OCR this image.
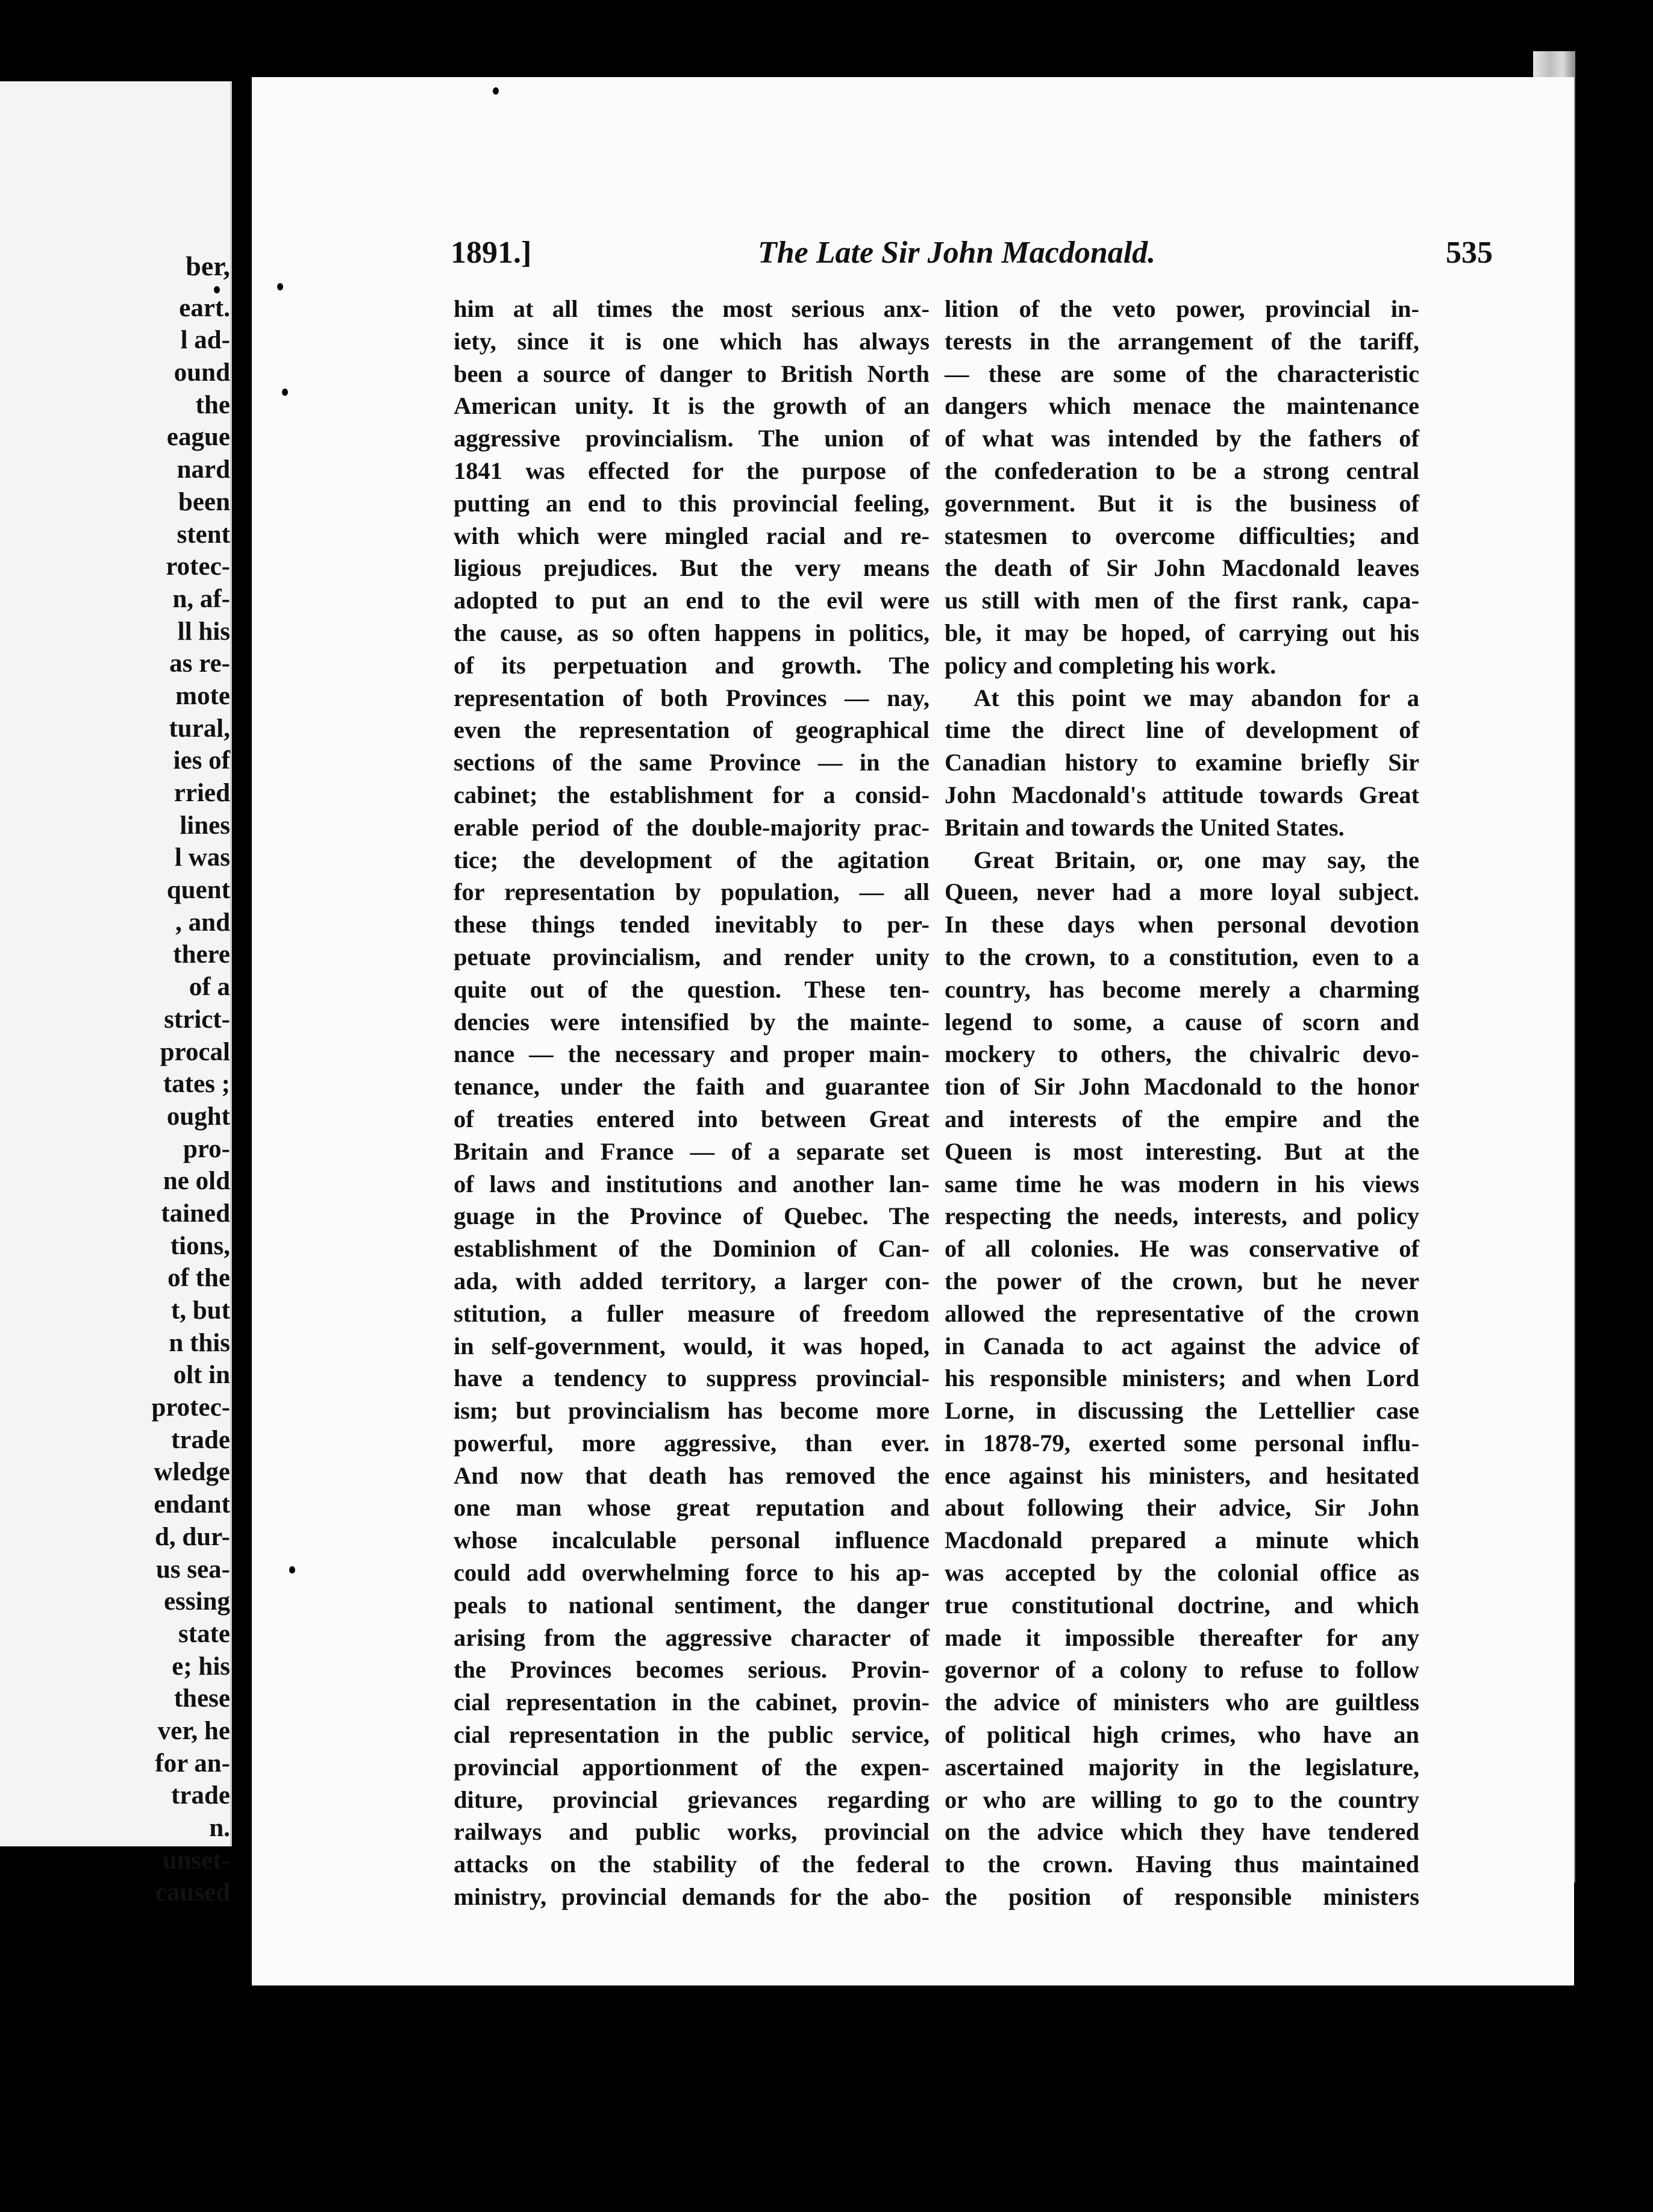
ber,
eart.
l ad-
ound
the
eague
nard
been
stent
rotec-
n, af-
ll his
as re-
mote
tural,
ies of
rried
lines
l was
quent
, and
there
of a
strict-
procal
tates ;
ought
pro-
ne old
tained
tions,
of the
t, but
n this
olt in
protec-
trade
wledge
endant
d, dur-
us sea-
essing
state
e; his
these
ver, he
for an-
trade
n.
unset-
caused
1891.]	The Late Sir John Macdonald.	535

him at all times the most serious anx-

iety, since it is one which has always

been a source of danger to British North

American unity. It is the growth of an

aggressive provincialism. The union of

1841 was effected for the purpose of

putting an end to this provincial feeling,

with which were mingled racial and re-

ligious prejudices. But the very means

adopted to put an end to the evil were

the cause, as so often happens in politics,

of its perpetuation and growth. The

representation of both Provinces — nay,

even the representation of geographical

sections of the same Province — in the

cabinet; the establishment for a consid-

erable period of the double-majority prac-

tice; the development of the agitation

for representation by population, — all

these things tended inevitably to per-

petuate provincialism, and render unity

quite out of the question. These ten-

dencies were intensified by the mainte-

nance — the necessary and proper main-

tenance, under the faith and guarantee

of treaties entered into between Great

Britain and France — of a separate set

of laws and institutions and another lan-

guage in the Province of Quebec. The

establishment of the Dominion of Can-

ada, with added territory, a larger con-

stitution, a fuller measure of freedom

in self-government, would, it was hoped,

have a tendency to suppress provincial-

ism; but provincialism has become more

powerful, more aggressive, than ever.

And now that death has removed the

one man whose great reputation and

whose incalculable personal influence

could add overwhelming force to his ap-

peals to national sentiment, the danger

arising from the aggressive character of

the Provinces becomes serious. Provin-

cial representation in the cabinet, provin-

cial representation in the public service,

provincial apportionment of the expen-

diture, provincial grievances regarding

railways and public works, provincial

attacks on the stability of the federal

ministry, provincial demands for the abo-

lition of the veto power, provincial in-

terests in the arrangement of the tariff,

— these are some of the characteristic

dangers which menace the maintenance

of what was intended by the fathers of

the confederation to be a strong central

government. But it is the business of

statesmen to overcome difficulties; and

the death of Sir John Macdonald leaves

us still with men of the first rank, capa-

ble, it may be hoped, of carrying out his

policy and completing his work.

At this point we may abandon for a

time the direct line of development of

Canadian history to examine briefly Sir

John Macdonald's attitude towards Great

Britain and towards the United States.

Great Britain, or, one may say, the

Queen, never had a more loyal subject.

In these days when personal devotion

to the crown, to a constitution, even to a

country, has become merely a charming

legend to some, a cause of scorn and

mockery to others, the chivalric devo-

tion of Sir John Macdonald to the honor

and interests of the empire and the

Queen is most interesting. But at the

same time he was modern in his views

respecting the needs, interests, and policy

of all colonies. He was conservative of

the power of the crown, but he never

allowed the representative of the crown

in Canada to act against the advice of

his responsible ministers; and when Lord

Lorne, in discussing the Lettellier case

in 1878-79, exerted some personal influ-

ence against his ministers, and hesitated

about following their advice, Sir John

Macdonald prepared a minute which

was accepted by the colonial office as

true constitutional doctrine, and which

made it impossible thereafter for any

governor of a colony to refuse to follow

the advice of ministers who are guiltless

of political high crimes, who have an

ascertained majority in the legislature,

or who are willing to go to the country

on the advice which they have tendered

to the crown. Having thus maintained

the position of responsible ministers
